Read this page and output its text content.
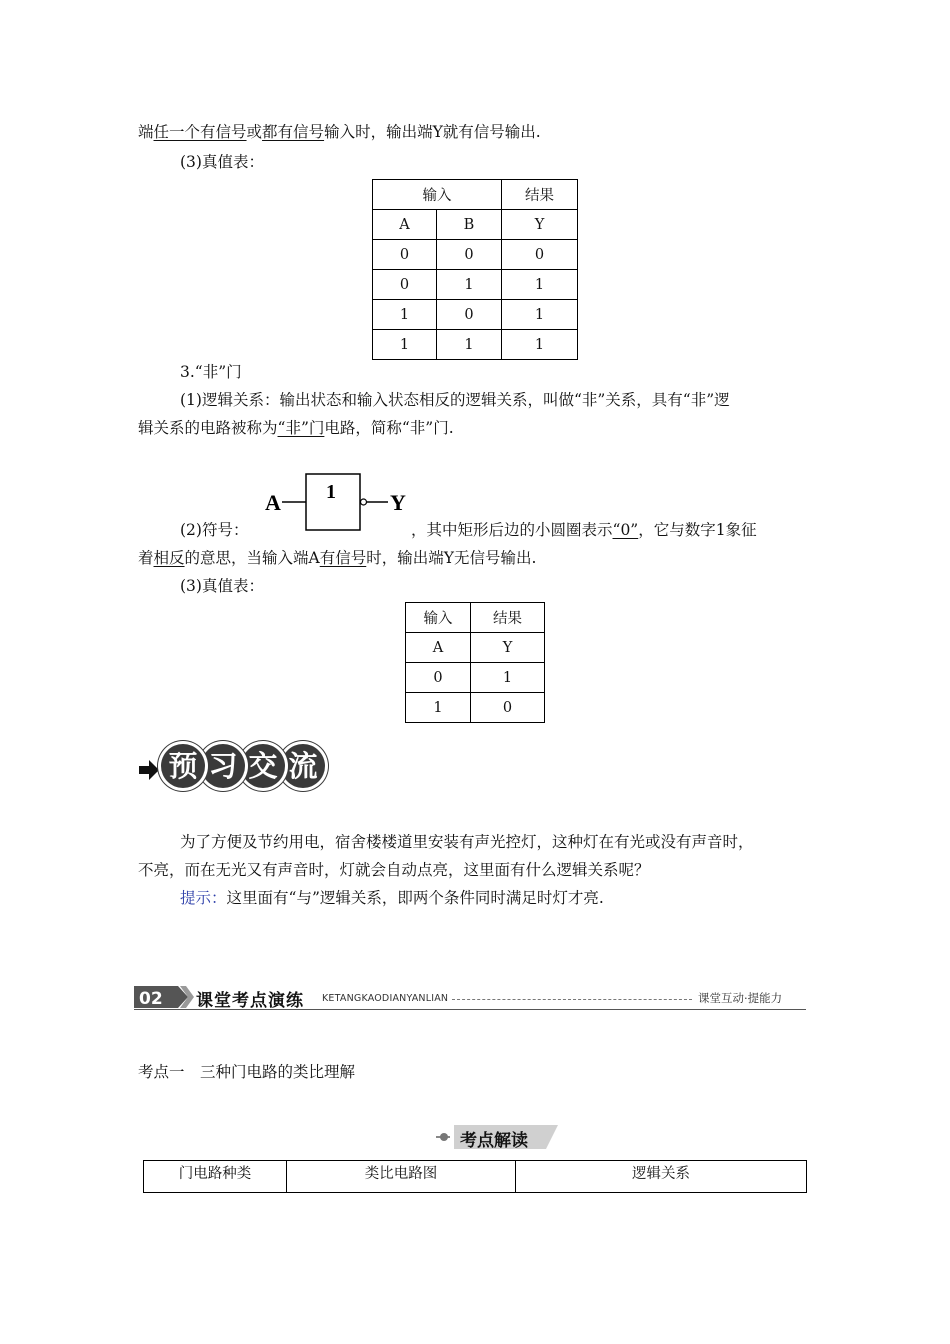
端任一个有信号或都有信号输入时，输出端Y就有信号输出.
(3)真值表：
输入		结果
A	B	Y
0	0	0
0	1	1
1	0	1
1	1	1
3.“非”门
(1)逻辑关系：输出状态和输入状态相反的逻辑关系，叫做“非”关系，具有“非”逻
辑关系的电路被称为“非”门电路，简称“非”门.
A 1 Y
(2)符号：	，其中矩形后边的小圆圈表示“0”，它与数字1象征
着相反的意思，当输入端A有信号时，输出端Y无信号输出.
(3)真值表：
输入	结果
A	Y
0	1
1	0
预 习 交 流
为了方便及节约用电，宿舍楼楼道里安装有声光控灯，这种灯在有光或没有声音时，
不亮，而在无光又有声音时，灯就会自动点亮，这里面有什么逻辑关系呢？
提示：这里面有“与”逻辑关系，即两个条件同时满足时灯才亮.
02 课堂考点演练 KETANGKAODIANYANLIAN	课堂互动·提能力
考点一　三种门电路的类比理解
考点解读
门电路种类	类比电路图	逻辑关系
